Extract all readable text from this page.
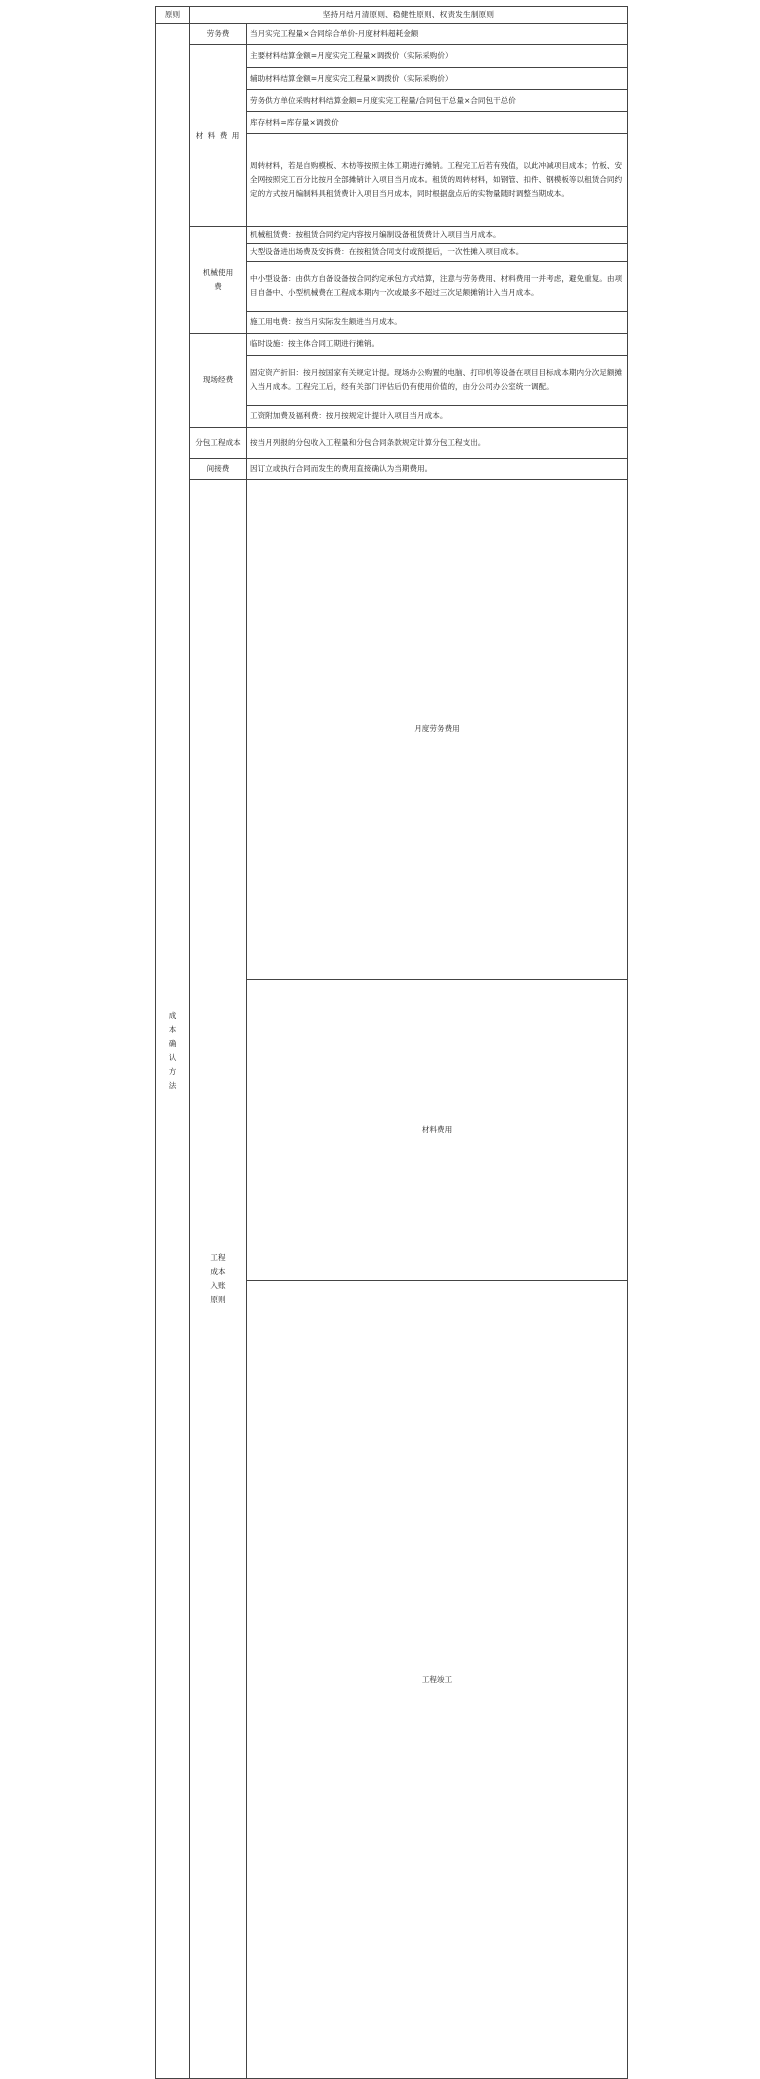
原则	坚持月结月清原则、稳健性原则、权责发生制原则		
成本确认方法	劳务费	当月实完工程量×合同综合单价-月度材料超耗金额	
	材 料 费 用	主要材料结算金额=月度实完工程量×调拨价（实际采购价）	
		辅助材料结算金额=月度实完工程量×调拨价（实际采购价）	
		劳务供方单位采购材料结算金额=月度实完工程量/合同包干总量×合同包干总价	
		库存材料=库存量×调拨价	
		周转材料，若是自购模板、木枋等按照主体工期进行摊销。工程完工后若有残值，以此冲减项目成本；竹板、安全网按照完工百分比按月全部摊销计入项目当月成本。租赁的周转材料，如钢管、扣件、钢模板等以租赁合同约定的方式按月编制料具租赁费计入项目当月成本，同时根据盘点后的实物量随时调整当期成本。	
	机械使用费	机械租赁费：按租赁合同约定内容按月编制设备租赁费计入项目当月成本。	
		大型设备进出场费及安拆费：在按租赁合同支付或预提后，一次性摊入项目成本。	
		中小型设备：由供方自备设备按合同约定承包方式结算，注意与劳务费用、材料费用一并考虑，避免重复。由项目自备中、小型机械费在工程成本期内一次或最多不超过三次足额摊销计入当月成本。	
		施工用电费：按当月实际发生额进当月成本。	
	现场经费	临时设施：按主体合同工期进行摊销。	
		固定资产折旧：按月按国家有关规定计提。现场办公购置的电脑、打印机等设备在项目目标成本期内分次足额摊入当月成本。工程完工后，经有关部门评估后仍有使用价值的，由分公司办公室统一调配。	
		工资附加费及福利费：按月按规定计提计入项目当月成本。	
	分包工程成本	按当月列报的分包收入工程量和分包合同条款规定计算分包工程支出。	
	间接费	因订立或执行合同而发生的费用直接确认为当期费用。	
	工程成本入账原则	月度劳务费用	
		材料费用	
		工程竣工	
